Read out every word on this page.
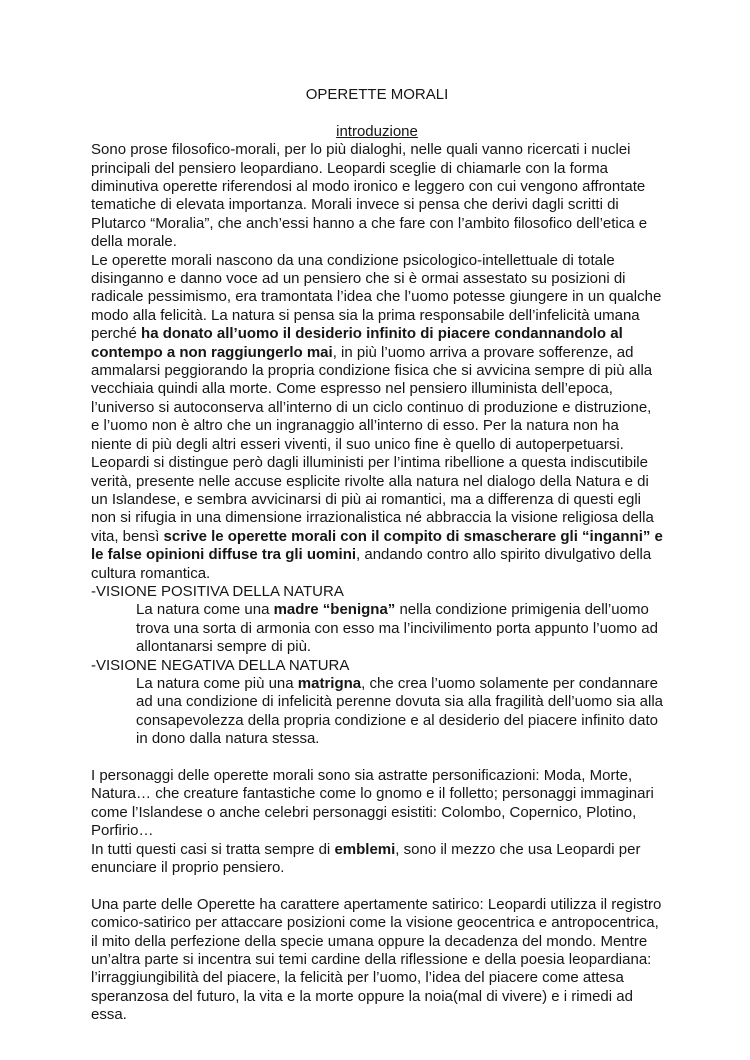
OPERETTE MORALI
introduzione

Sono prose filosofico-morali, per lo più dialoghi, nelle quali vanno ricercati i nuclei principali del pensiero leopardiano. Leopardi sceglie di chiamarle con la forma diminutiva operette riferendosi al modo ironico e leggero con cui vengono affrontate tematiche di elevata importanza. Morali invece si pensa che derivi dagli scritti di Plutarco “Moralia”, che anch’essi hanno a che fare con l’ambito filosofico dell’etica e della morale.

Le operette morali nascono da una condizione psicologico-intellettuale di totale disinganno e danno voce ad un pensiero che si è ormai assestato su posizioni di radicale pessimismo, era tramontata l’idea che l’uomo potesse giungere in un qualche modo alla felicità. La natura si pensa sia la prima responsabile dell’infelicità umana perché ha donato all’uomo il desiderio infinito di piacere condannandolo al contempo a non raggiungerlo mai, in più l’uomo arriva a provare sofferenze, ad ammalarsi peggiorando la propria condizione fisica che si avvicina sempre di più alla vecchiaia quindi alla morte. Come espresso nel pensiero illuminista dell’epoca, l’universo si autoconserva all’interno di un ciclo continuo di produzione e distruzione, e l’uomo non è altro che un ingranaggio all’interno di esso. Per la natura non ha niente di più degli altri esseri viventi, il suo unico fine è quello di autoperpetuarsi. Leopardi si distingue però dagli illuministi per l’intima ribellione a questa indiscutibile verità, presente nelle accuse esplicite rivolte alla natura nel dialogo della Natura e di un Islandese, e sembra avvicinarsi di più ai romantici, ma a differenza di questi egli non si rifugia in una dimensione irrazionalistica né abbraccia la visione religiosa della vita, bensì scrive le operette morali con il compito di smascherare gli “inganni” e le false opinioni diffuse tra gli uomini, andando contro allo spirito divulgativo della cultura romantica.

-VISIONE POSITIVA DELLA NATURA

La natura come una madre “benigna” nella condizione primigenia dell’uomo trova una sorta di armonia con esso ma l’incivilimento porta appunto l’uomo ad allontanarsi sempre di più.

-VISIONE NEGATIVA DELLA NATURA

La natura come più una matrigna, che crea l’uomo solamente per condannare ad una condizione di infelicità perenne dovuta sia alla fragilità dell’uomo sia alla consapevolezza della propria condizione e al desiderio del piacere infinito dato in dono dalla natura stessa.

I personaggi delle operette morali sono sia astratte personificazioni: Moda, Morte, Natura… che creature fantastiche come lo gnomo e il folletto; personaggi immaginari come l’Islandese o anche celebri personaggi esistiti: Colombo, Copernico, Plotino, Porfirio…

In tutti questi casi si tratta sempre di emblemi, sono il mezzo che usa Leopardi per enunciare il proprio pensiero.

Una parte delle Operette ha carattere apertamente satirico: Leopardi utilizza il registro comico-satirico per attaccare posizioni come la visione geocentrica e antropocentrica, il mito della perfezione della specie umana oppure la decadenza del mondo. Mentre un’altra parte si incentra sui temi cardine della riflessione e della poesia leopardiana: l’irraggiungibilità del piacere, la felicità per l’uomo, l’idea del piacere come attesa speranzosa del futuro, la vita e la morte oppure la noia(mal di vivere) e i rimedi ad essa.
